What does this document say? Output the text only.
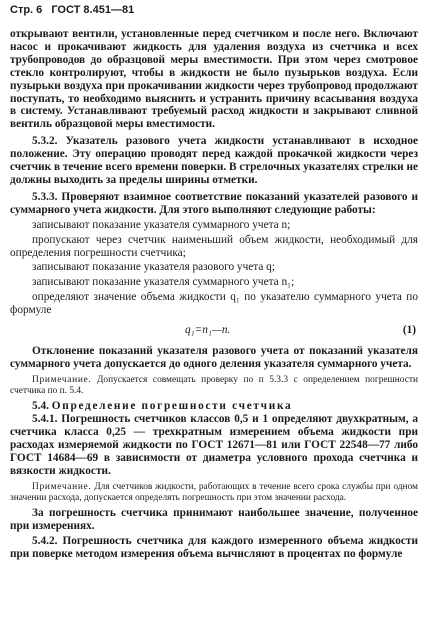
Стр. 6 ГОСТ 8.451—81

открывают вентили, установленные перед счетчиком и после него. Включают насос и прокачивают жидкость для удаления воздуха из счетчика и всех трубопроводов до образцовой меры вместимости. При этом через смотровое стекло контролируют, чтобы в жидкости не было пузырьков воздуха. Если пузырьки воздуха при прокачивании жидкости через трубопровод продолжают поступать, то необходимо выяснить и устранить причину всасывания воздуха в систему. Устанавливают требуемый расход жидкости и закрывают сливной вентиль образцовой меры вместимости.

5.3.2. Указатель разового учета жидкости устанавливают в исходное положение. Эту операцию проводят перед каждой прокачкой жидкости через счетчик в течение всего времени поверки. В стрелочных указателях стрелки не должны выходить за пределы ширины отметки.

5.3.3. Проверяют взаимное соответствие показаний указателей разового и суммарного учета жидкости. Для этого выполняют следующие работы:

записывают показание указателя суммарного учета n;

пропускают через счетчик наименьший объем жидкости, необходимый для определения погрешности счетчика;

записывают показание указателя разового учета q;

записывают показание указателя суммарного учета n₁;

определяют значение объема жидкости q₁ по указателю суммарного учета по формуле

q₁=n₁—n.	(1)

Отклонение показаний указателя разового учета от показаний указателя суммарного учета допускается до одного деления указателя суммарного учета.

Примечание. Допускается совмещать проверку по п 5.3.3 с определением погрешности счетчика по п. 5.4.

5.4. Определение погрешности счетчика

5.4.1. Погрешность счетчиков классов 0,5 и 1 определяют двухкратным, а счетчика класса 0,25 — трехкратным измерением объема жидкости при расходах измеряемой жидкости по ГОСТ 12671—81 или ГОСТ 22548—77 либо ГОСТ 14684—69 в зависимости от диаметра условного прохода счетчика и вязкости жидкости.

Примечание. Для счетчиков жидкости, работающих в течение всего срока службы при одном значении расхода, допускается определять погрешность при этом значении расхода.

За погрешность счетчика принимают наибольшее значение, полученное при измерениях.

5.4.2. Погрешность счетчика для каждого измеренного объема жидкости при поверке методом измерения объема вычисляют в процентах по формуле
